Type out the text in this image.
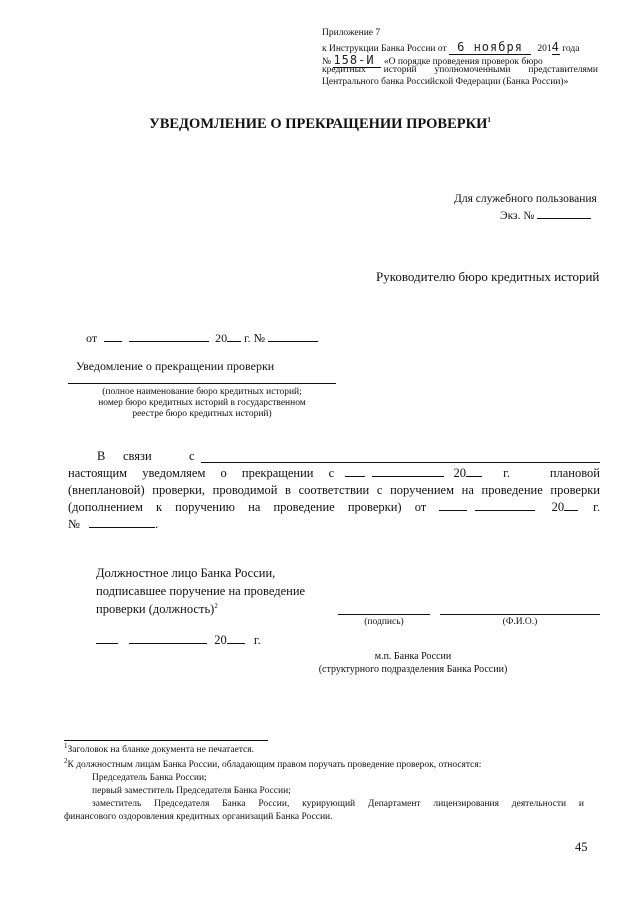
Приложение 7
к Инструкции Банка России от 6 ноября 2014 года
№ 158-И «О порядке проведения проверок бюро
кредитных историй уполномоченными представителями
Центрального банка Российской Федерации (Банка России)»
УВЕДОМЛЕНИЕ О ПРЕКРАЩЕНИИ ПРОВЕРКИ$^1$
Для служебного пользования
Экз. №
Руководителю бюро кредитных историй
от	20 г. №
Уведомление о прекращении проверки
(полное наименование бюро кредитных историй;
номер бюро кредитных историй в государственном
реестре бюро кредитных историй)
В связи	с
настоящим уведомляем о прекращении с	20	г.	плановой
(внеплановой) проверки, проводимой в соответствии с поручением на проведение проверки
(дополнением к поручению на проведение проверки) от	20 г.
№	.
Должностное лицо Банка России,
подписавшее поручение на проведение
проверки (должность)$^2$
(подпись)	(Ф.И.О.)
20 г.
м.п. Банка России
(структурного подразделения Банка России)
$^1$Заголовок на бланке документа не печатается.
$^2$К должностным лицам Банка России, обладающим правом поручать проведение проверок, относятся:
Председатель Банка России;
первый заместитель Председателя Банка России;
заместитель Председателя Банка России, курирующий Департамент лицензирования деятельности и
финансового оздоровления кредитных организаций Банка России.
45
